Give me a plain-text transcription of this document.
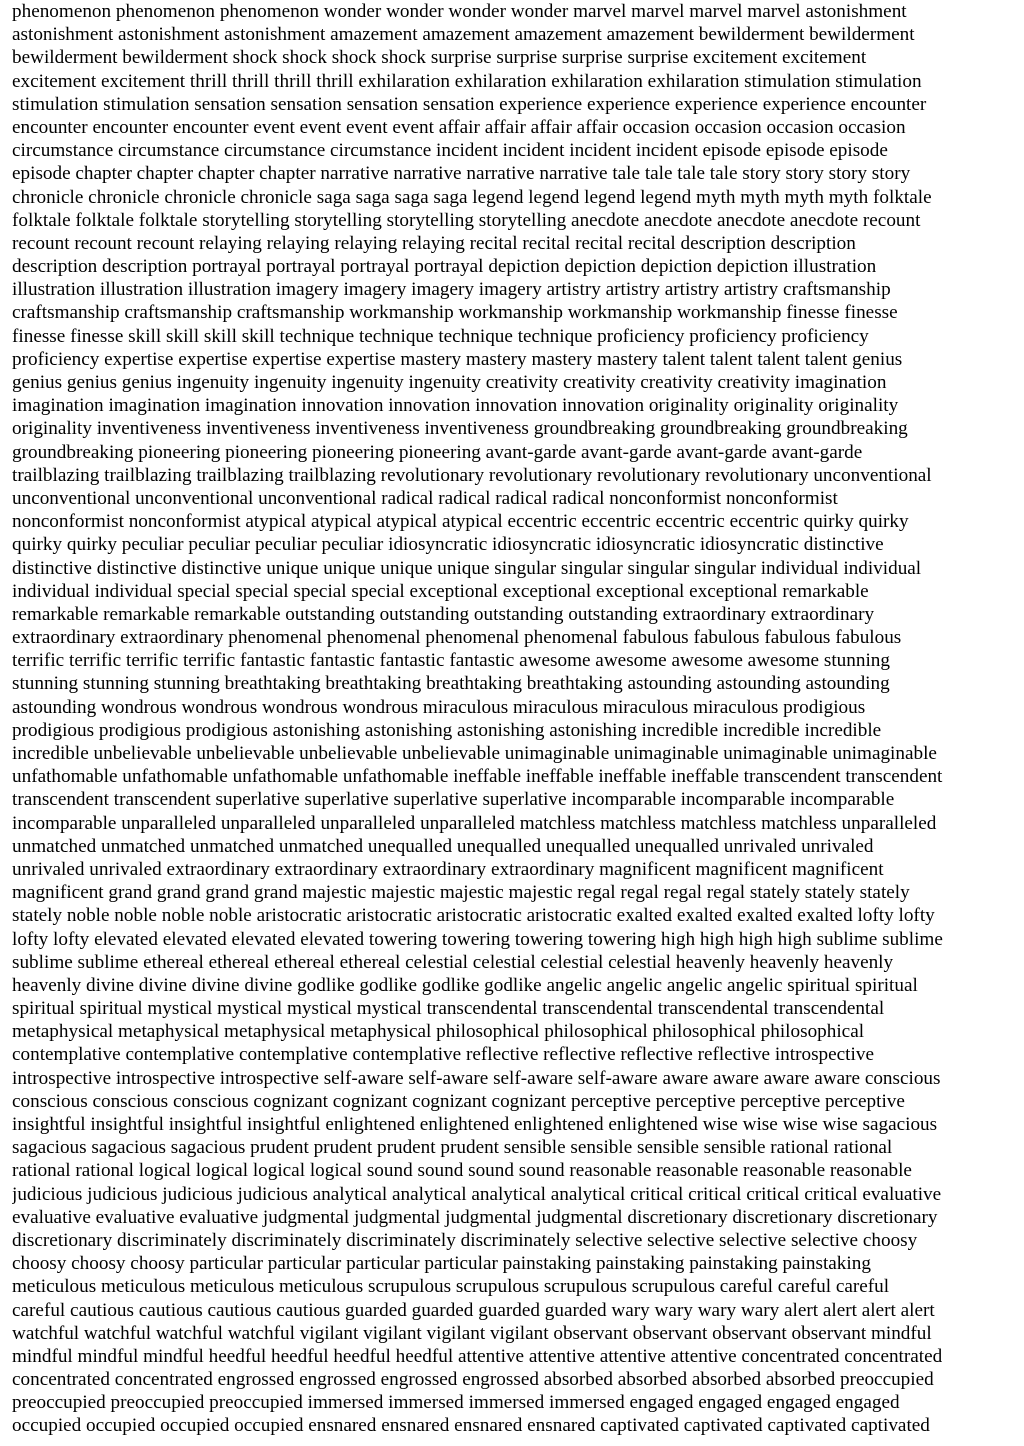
phenomenon phenomenon phenomenon wonder wonder wonder wonder marvel marvel marvel marvel astonishment
astonishment astonishment astonishment amazement amazement amazement amazement bewilderment bewilderment
bewilderment bewilderment shock shock shock shock surprise surprise surprise surprise excitement excitement
excitement excitement thrill thrill thrill thrill exhilaration exhilaration exhilaration exhilaration stimulation stimulation
stimulation stimulation sensation sensation sensation sensation experience experience experience experience encounter
encounter encounter encounter event event event event affair affair affair affair occasion occasion occasion occasion
circumstance circumstance circumstance circumstance incident incident incident incident episode episode episode
episode chapter chapter chapter chapter narrative narrative narrative narrative tale tale tale tale story story story story
chronicle chronicle chronicle chronicle saga saga saga saga legend legend legend legend myth myth myth myth folktale
folktale folktale folktale storytelling storytelling storytelling storytelling anecdote anecdote anecdote anecdote recount
recount recount recount relaying relaying relaying relaying recital recital recital recital description description
description description portrayal portrayal portrayal portrayal depiction depiction depiction depiction illustration
illustration illustration illustration imagery imagery imagery imagery artistry artistry artistry artistry craftsmanship
craftsmanship craftsmanship craftsmanship workmanship workmanship workmanship workmanship finesse finesse
finesse finesse skill skill skill skill technique technique technique technique proficiency proficiency proficiency
proficiency expertise expertise expertise expertise mastery mastery mastery mastery talent talent talent talent genius
genius genius genius ingenuity ingenuity ingenuity ingenuity creativity creativity creativity creativity imagination
imagination imagination imagination innovation innovation innovation innovation originality originality originality
originality inventiveness inventiveness inventiveness inventiveness groundbreaking groundbreaking groundbreaking
groundbreaking pioneering pioneering pioneering pioneering avant-garde avant-garde avant-garde avant-garde
trailblazing trailblazing trailblazing trailblazing revolutionary revolutionary revolutionary revolutionary unconventional
unconventional unconventional unconventional radical radical radical radical nonconformist nonconformist
nonconformist nonconformist atypical atypical atypical atypical eccentric eccentric eccentric eccentric quirky quirky
quirky quirky peculiar peculiar peculiar peculiar idiosyncratic idiosyncratic idiosyncratic idiosyncratic distinctive
distinctive distinctive distinctive unique unique unique unique singular singular singular singular individual individual
individual individual special special special special exceptional exceptional exceptional exceptional remarkable
remarkable remarkable remarkable outstanding outstanding outstanding outstanding extraordinary extraordinary
extraordinary extraordinary phenomenal phenomenal phenomenal phenomenal fabulous fabulous fabulous fabulous
terrific terrific terrific terrific fantastic fantastic fantastic fantastic awesome awesome awesome awesome stunning
stunning stunning stunning breathtaking breathtaking breathtaking breathtaking astounding astounding astounding
astounding wondrous wondrous wondrous wondrous miraculous miraculous miraculous miraculous prodigious
prodigious prodigious prodigious astonishing astonishing astonishing astonishing incredible incredible incredible
incredible unbelievable unbelievable unbelievable unbelievable unimaginable unimaginable unimaginable unimaginable
unfathomable unfathomable unfathomable unfathomable ineffable ineffable ineffable ineffable transcendent transcendent
transcendent transcendent superlative superlative superlative superlative incomparable incomparable incomparable
incomparable unparalleled unparalleled unparalleled unparalleled matchless matchless matchless matchless unparalleled
unmatched unmatched unmatched unmatched unequalled unequalled unequalled unequalled unrivaled unrivaled
unrivaled unrivaled extraordinary extraordinary extraordinary extraordinary magnificent magnificent magnificent
magnificent grand grand grand grand majestic majestic majestic majestic regal regal regal regal stately stately stately
stately noble noble noble noble aristocratic aristocratic aristocratic aristocratic exalted exalted exalted exalted lofty lofty
lofty lofty elevated elevated elevated elevated towering towering towering towering high high high high sublime sublime
sublime sublime ethereal ethereal ethereal ethereal celestial celestial celestial celestial heavenly heavenly heavenly
heavenly divine divine divine divine godlike godlike godlike godlike angelic angelic angelic angelic spiritual spiritual
spiritual spiritual mystical mystical mystical mystical transcendental transcendental transcendental transcendental
metaphysical metaphysical metaphysical metaphysical philosophical philosophical philosophical philosophical
contemplative contemplative contemplative contemplative reflective reflective reflective reflective introspective
introspective introspective introspective self-aware self-aware self-aware self-aware aware aware aware aware conscious
conscious conscious conscious cognizant cognizant cognizant cognizant perceptive perceptive perceptive perceptive
insightful insightful insightful insightful enlightened enlightened enlightened enlightened wise wise wise wise sagacious
sagacious sagacious sagacious prudent prudent prudent prudent sensible sensible sensible sensible rational rational
rational rational logical logical logical logical sound sound sound sound reasonable reasonable reasonable reasonable
judicious judicious judicious judicious analytical analytical analytical analytical critical critical critical critical evaluative
evaluative evaluative evaluative judgmental judgmental judgmental judgmental discretionary discretionary discretionary
discretionary discriminately discriminately discriminately discriminately selective selective selective selective choosy
choosy choosy choosy particular particular particular particular painstaking painstaking painstaking painstaking
meticulous meticulous meticulous meticulous scrupulous scrupulous scrupulous scrupulous careful careful careful
careful cautious cautious cautious cautious guarded guarded guarded guarded wary wary wary wary alert alert alert alert
watchful watchful watchful watchful vigilant vigilant vigilant vigilant observant observant observant observant mindful
mindful mindful mindful heedful heedful heedful heedful attentive attentive attentive attentive concentrated concentrated
concentrated concentrated engrossed engrossed engrossed engrossed absorbed absorbed absorbed absorbed preoccupied
preoccupied preoccupied preoccupied immersed immersed immersed immersed engaged engaged engaged engaged
occupied occupied occupied occupied ensnared ensnared ensnared ensnared captivated captivated captivated captivated
